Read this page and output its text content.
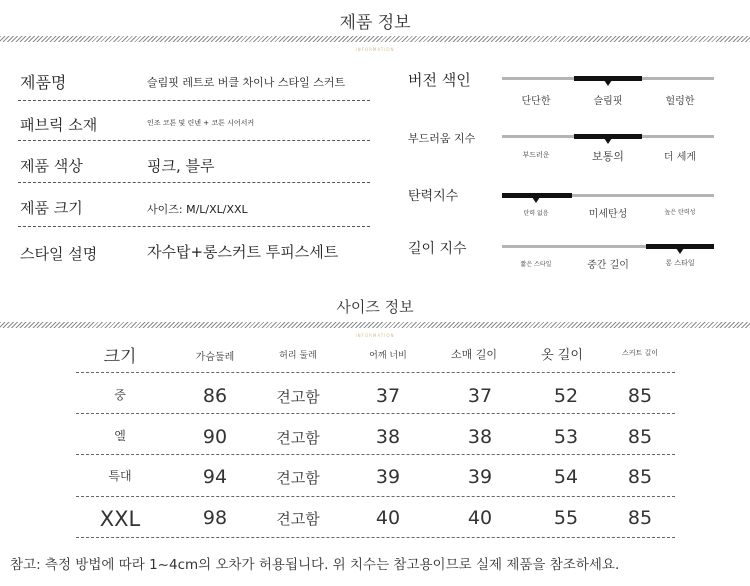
제품 정보
INFORMATION
제품명	슬림핏 레트로 버클 차이나 스타일 스커트
패브릭 소재	인조 코튼 및 린넨 + 코튼 시어서커
제품 색상	핑크, 블루
제품 크기	사이즈: M/L/XL/XXL
스타일 설명	자수탑+롱스커트 투피스세트
버전 색인
단단한	슬림핏	헐렁한
부드러움 지수
부드러운	보통의	더 세게
탄력지수
탄력 없음	미세탄성	높은 탄력성
길이 지수
짧은 스타일	중간 길이	롱 스타일
사이즈 정보
INFORMATION
크기	가슴둘레	허리 둘레	어깨 너비	소매 길이	옷 길이	스커트 길이
중	86	견고함	37	37	52	85
엘	90	견고함	38	38	53	85
특대	94	견고함	39	39	54	85
XXL	98	견고함	40	40	55	85
참고: 측정 방법에 따라 1~4cm의 오차가 허용됩니다. 위 치수는 참고용이므로 실제 제품을 참조하세요.
